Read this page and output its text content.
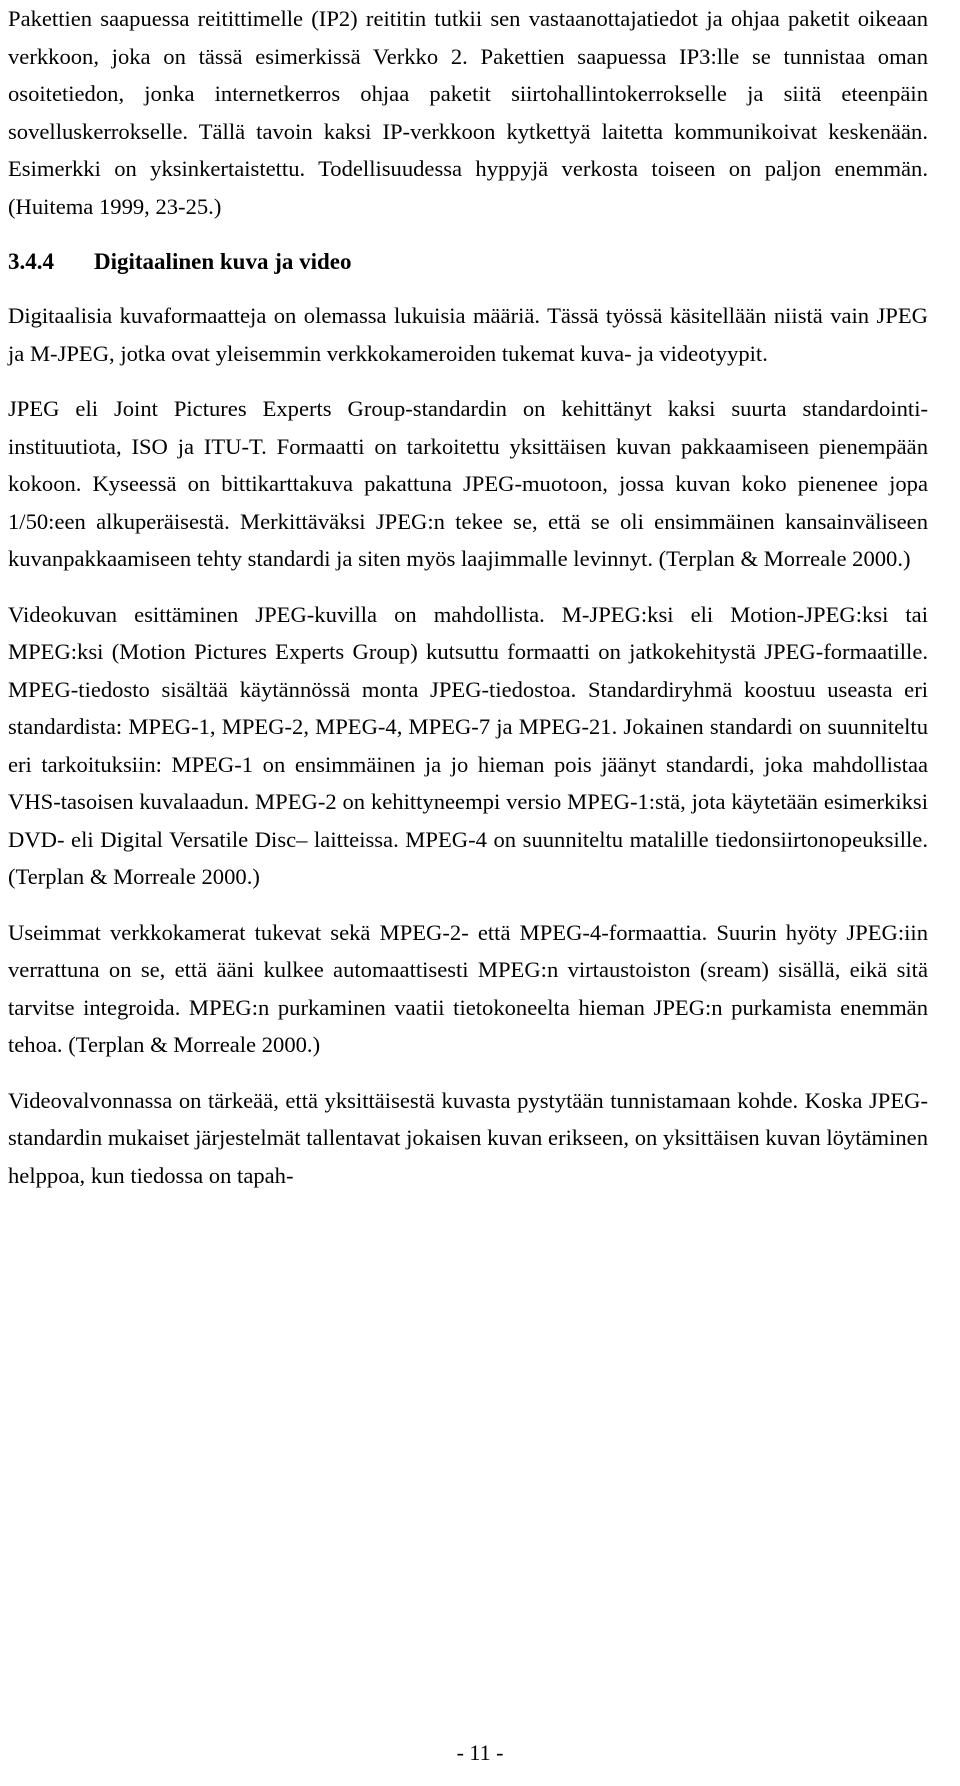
Pakettien saapuessa reitittimelle (IP2) reititin tutkii sen vastaanottajatiedot ja ohjaa paketit oikeaan verkkoon, joka on tässä esimerkissä Verkko 2. Pakettien saapuessa IP3:lle se tunnistaa oman osoitetiedon, jonka internetkerros ohjaa paketit siirtohallintokerrokselle ja siitä eteenpäin sovelluskerrokselle. Tällä tavoin kaksi IP-verkkoon kytkettyä laitetta kommunikoivat keskenään. Esimerkki on yksinkertaistettu. Todellisuudessa hyppyjä verkosta toiseen on paljon enemmän. (Huitema 1999, 23-25.)

3.4.4	Digitaalinen kuva ja video

Digitaalisia kuvaformaatteja on olemassa lukuisia määriä. Tässä työssä käsitellään niistä vain JPEG ja M-JPEG, jotka ovat yleisemmin verkkokameroiden tukemat kuva- ja videotyypit.

JPEG eli Joint Pictures Experts Group-standardin on kehittänyt kaksi suurta standardointi-instituutiota, ISO ja ITU-T. Formaatti on tarkoitettu yksittäisen kuvan pakkaamiseen pienempään kokoon. Kyseessä on bittikarttakuva pakattuna JPEG-muotoon, jossa kuvan koko pienenee jopa 1/50:een alkuperäisestä. Merkittäväksi JPEG:n tekee se, että se oli ensimmäinen kansainväliseen kuvanpakkaamiseen tehty standardi ja siten myös laajimmalle levinnyt. (Terplan & Morreale 2000.)

Videokuvan esittäminen JPEG-kuvilla on mahdollista. M-JPEG:ksi eli Motion-JPEG:ksi tai MPEG:ksi (Motion Pictures Experts Group) kutsuttu formaatti on jatkokehitystä JPEG-formaatille. MPEG-tiedosto sisältää käytännössä monta JPEG-tiedostoa. Standardiryhmä koostuu useasta eri standardista: MPEG-1, MPEG-2, MPEG-4, MPEG-7 ja MPEG-21. Jokainen standardi on suunniteltu eri tarkoituksiin: MPEG-1 on ensimmäinen ja jo hieman pois jäänyt standardi, joka mahdollistaa VHS-tasoisen kuvalaadun. MPEG-2 on kehittyneempi versio MPEG-1:stä, jota käytetään esimerkiksi DVD- eli Digital Versatile Disc– laitteissa. MPEG-4 on suunniteltu matalille tiedonsiirtonopeuksille. (Terplan & Morreale 2000.)

Useimmat verkkokamerat tukevat sekä MPEG-2- että MPEG-4-formaattia. Suurin hyöty JPEG:iin verrattuna on se, että ääni kulkee automaattisesti MPEG:n virtaustoiston (sream) sisällä, eikä sitä tarvitse integroida. MPEG:n purkaminen vaatii tietokoneelta hieman JPEG:n purkamista enemmän tehoa. (Terplan & Morreale 2000.)

Videovalvonnassa on tärkeää, että yksittäisestä kuvasta pystytään tunnistamaan kohde. Koska JPEG-standardin mukaiset järjestelmät tallentavat jokaisen kuvan erikseen, on yksittäisen kuvan löytäminen helppoa, kun tiedossa on tapah-

- 11 -
